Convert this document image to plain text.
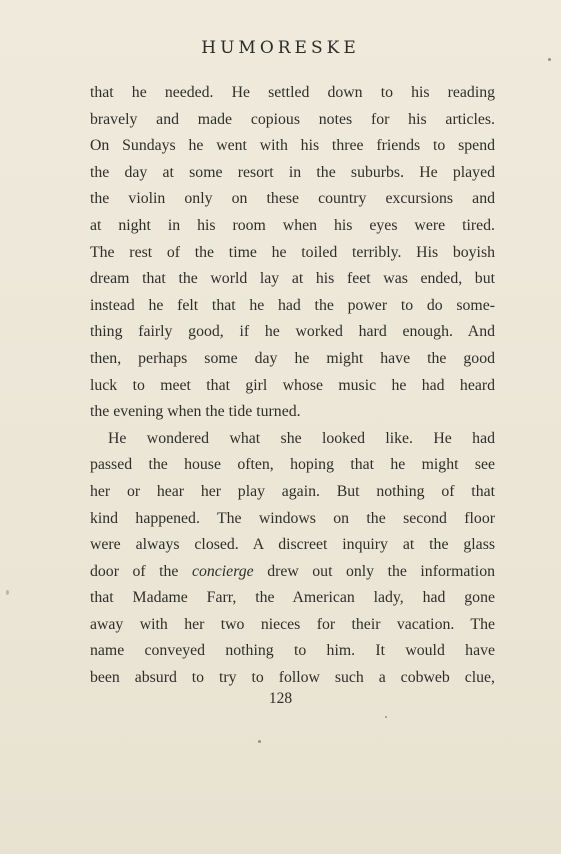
HUMORESKE
that he needed. He settled down to his reading
bravely and made copious notes for his articles.
On Sundays he went with his three friends to spend
the day at some resort in the suburbs. He played
the violin only on these country excursions and
at night in his room when his eyes were tired.
The rest of the time he toiled terribly. His boyish
dream that the world lay at his feet was ended, but
instead he felt that he had the power to do some-
thing fairly good, if he worked hard enough. And
then, perhaps some day he might have the good
luck to meet that girl whose music he had heard
the evening when the tide turned.
He wondered what she looked like. He had
passed the house often, hoping that he might see
her or hear her play again. But nothing of that
kind happened. The windows on the second floor
were always closed. A discreet inquiry at the glass
door of the concierge drew out only the information
that Madame Farr, the American lady, had gone
away with her two nieces for their vacation. The
name conveyed nothing to him. It would have
been absurd to try to follow such a cobweb clue,
128
